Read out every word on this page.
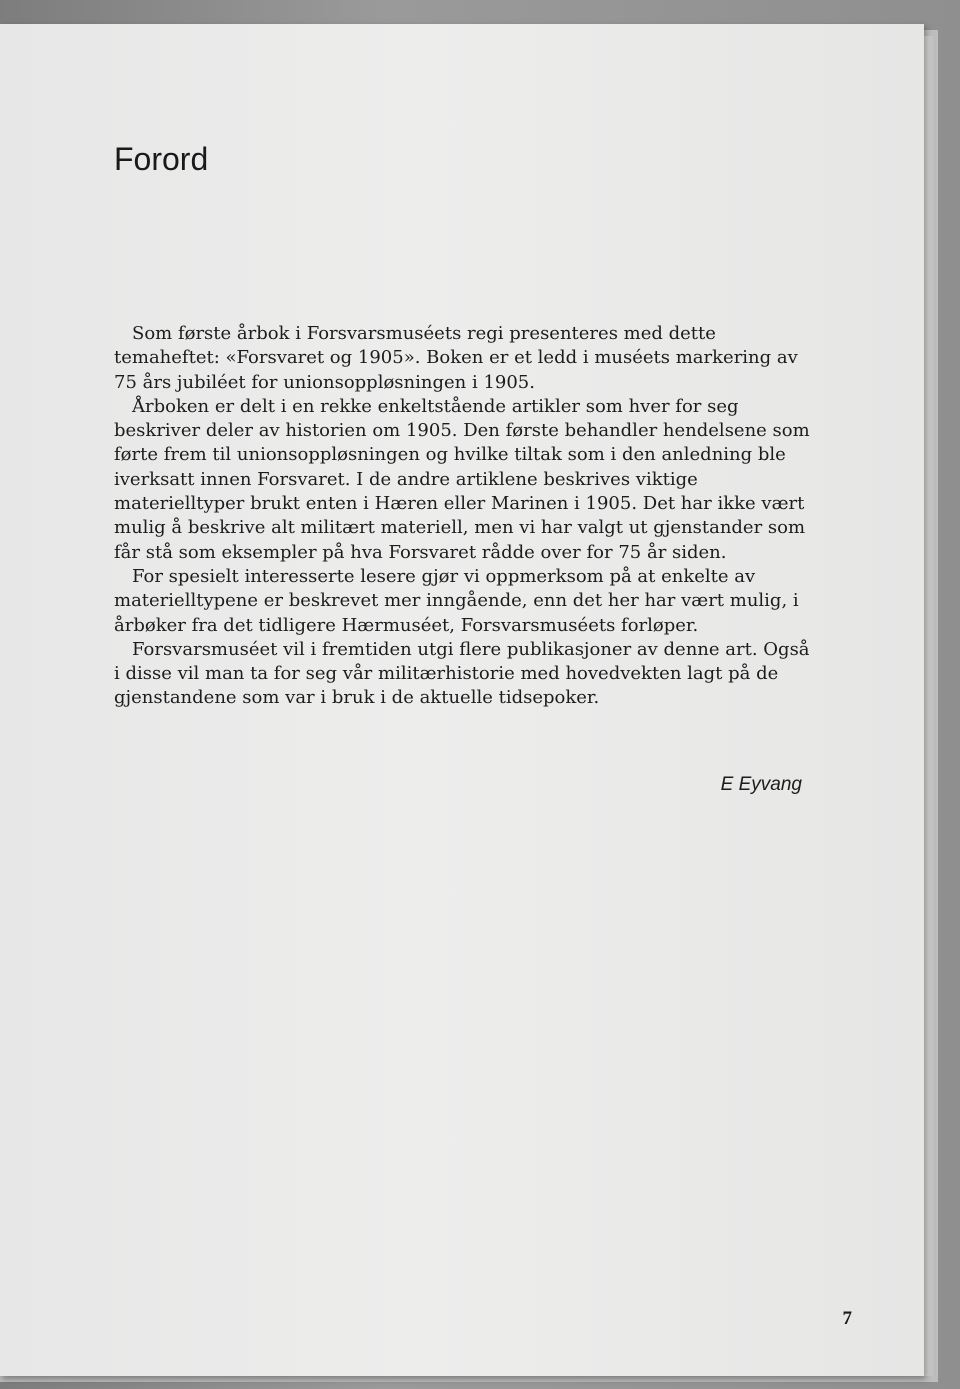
Forord

Som første årbok i Forsvarsmuséets regi presenteres med dette temaheftet: «Forsvaret og 1905». Boken er et ledd i muséets markering av 75 års jubiléet for unionsoppløsningen i 1905.

Årboken er delt i en rekke enkeltstående artikler som hver for seg beskriver deler av historien om 1905. Den første behandler hendelsene som førte frem til unionsoppløsningen og hvilke tiltak som i den anledning ble iverksatt innen Forsvaret. I de andre artiklene beskrives viktige materielltyper brukt enten i Hæren eller Marinen i 1905. Det har ikke vært mulig å beskrive alt militært materiell, men vi har valgt ut gjenstander som får stå som eksempler på hva Forsvaret rådde over for 75 år siden.

For spesielt interesserte lesere gjør vi oppmerksom på at enkelte av materielltypene er beskrevet mer inngående, enn det her har vært mulig, i årbøker fra det tidligere Hærmuséet, Forsvarsmuséets forløper.

Forsvarsmuséet vil i fremtiden utgi flere publikasjoner av denne art. Også i disse vil man ta for seg vår militærhistorie med hovedvekten lagt på de gjenstandene som var i bruk i de aktuelle tidsepoker.

E Eyvang
7
